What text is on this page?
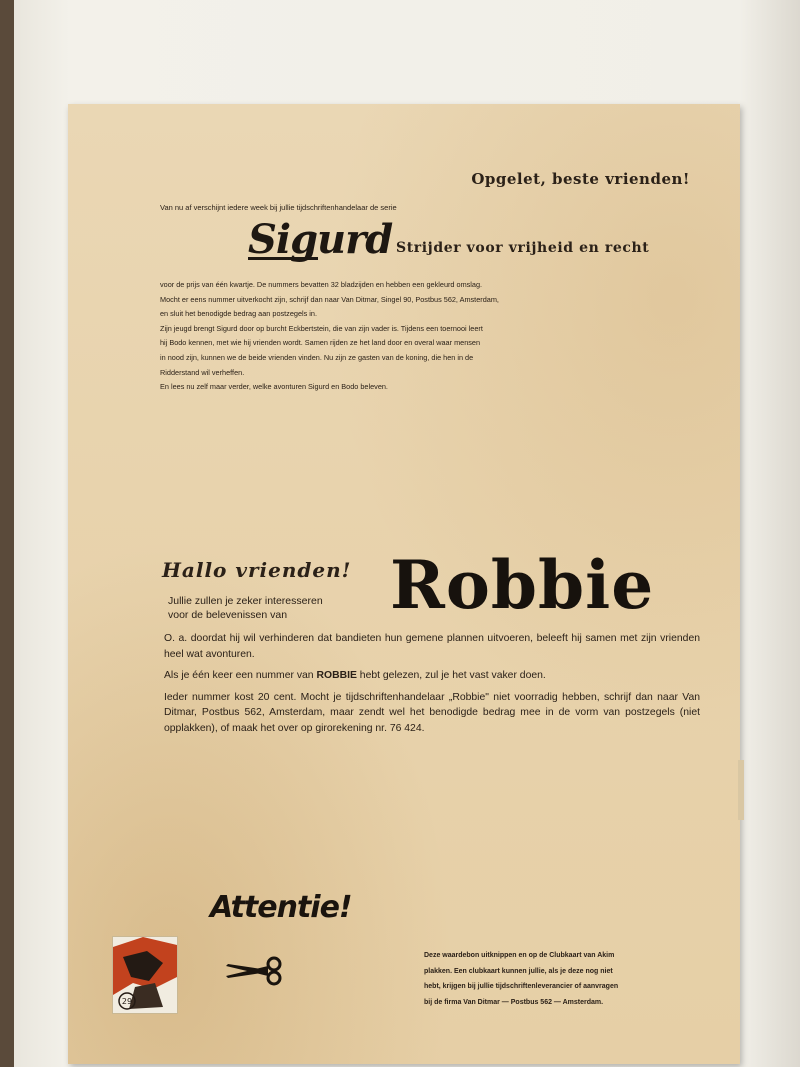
Opgelet, beste vrienden!
Van nu af verschijnt iedere week bij jullie tijdschriftenhandelaar de serie
Sigurd Strijder voor vrijheid en recht

voor de prijs van één kwartje. De nummers bevatten 32 bladzijden en hebben een gekleurd omslag.

Mocht er eens nummer uitverkocht zijn, schrijf dan naar Van Ditmar, Singel 90, Postbus 562, Amsterdam,

en sluit het benodigde bedrag aan postzegels in.

Zijn jeugd brengt Sigurd door op burcht Eckbertstein, die van zijn vader is. Tijdens een toernooi leert

hij Bodo kennen, met wie hij vrienden wordt. Samen rijden ze het land door en overal waar mensen

in nood zijn, kunnen we de beide vrienden vinden. Nu zijn ze gasten van de koning, die hen in de

Ridderstand wil verheffen.

En lees nu zelf maar verder, welke avonturen Sigurd en Bodo beleven.

Hallo vrienden!
Jullie zullen je zeker interesseren
voor de belevenissen van	Robbie

O. a. doordat hij wil verhinderen dat bandieten hun gemene plannen uitvoeren, beleeft hij samen met zijn vrienden heel wat avonturen.

Als je één keer een nummer van ROBBIE hebt gelezen, zul je het vast vaker doen.

Ieder nummer kost 20 cent. Mocht je tijdschriftenhandelaar „Robbie" niet voorradig hebben, schrijf dan naar Van Ditmar, Postbus 562, Amsterdam, maar zendt wel het benodigde bedrag mee in de vorm van postzegels (niet opplakken), of maak het over op girorekening nr. 76 424.

Attentie!
29
Deze waardebon uitknippen en op de Clubkaart van Akim
plakken. Een clubkaart kunnen jullie, als je deze nog niet
hebt, krijgen bij jullie tijdschriftenleverancier of aanvragen
bij de firma Van Ditmar — Postbus 562 — Amsterdam.
